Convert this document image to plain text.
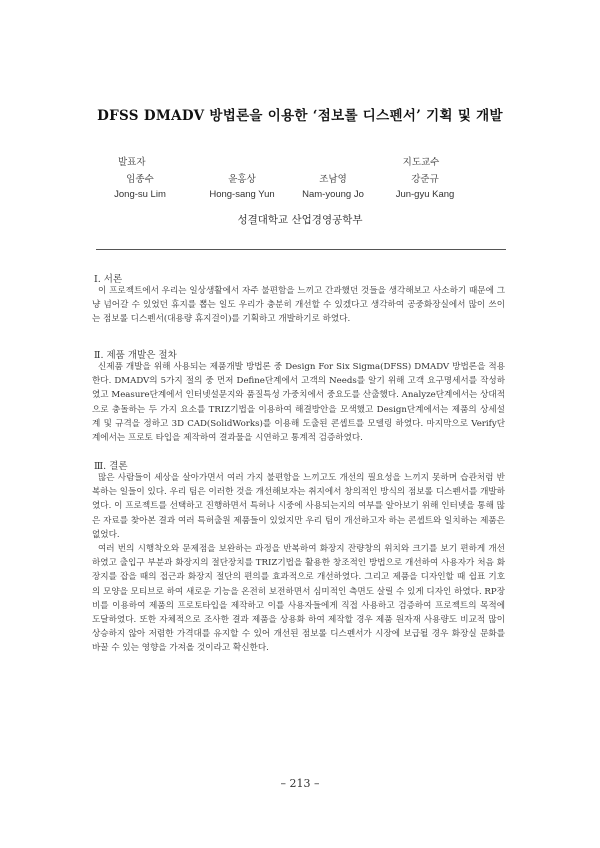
DFSS DMADV 방법론을 이용한 ‘점보롤 디스펜서’ 기획 및 개발
발표자	지도교수
임종수	윤홍상	조남영	강준규
Jong-su Lim	Hong-sang Yun	Nam-young Jo	Jun-gyu Kang
성결대학교 산업경영공학부
Ⅰ. 서론

이 프로젝트에서 우리는 일상생활에서 자주 불편함을 느끼고 간과했던 것들을 생각해보고 사소하기 때문에 그냥 넘어갈 수 있었던 휴지를 뽑는 일도 우리가 충분히 개선할 수 있겠다고 생각하여 공중화장실에서 많이 쓰이는 점보롤 디스펜서(대용량 휴지걸이)를 기획하고 개발하기로 하였다.

Ⅱ. 제품 개발은 절차

신제품 개발을 위해 사용되는 제품개발 방법론 중 Design For Six Sigma(DFSS) DMADV 방법론을 적용한다. DMADV의 5가지 절의 중 먼저 Define단계에서 고객의 Needs를 알기 위해 고객 요구명세서를 작성하였고 Measure단계에서 인터넷설문지와 품질특성 가중치에서 중요도를 산출했다. Analyze단계에서는 상대적으로 충돌하는 두 가지 요소를 TRIZ기법을 이용하여 해결방안을 모색했고 Design단계에서는 제품의 상세설계 및 규격을 정하고 3D CAD(SolidWorks)를 이용해 도출된 콘셉트를 모델링 하였다. 마지막으로 Verify단계에서는 프로토 타입을 제작하여 결과물을 시연하고 통계적 검증하였다.

Ⅲ. 결론

많은 사람들이 세상을 살아가면서 여러 가지 불편함을 느끼고도 개선의 필요성을 느끼지 못하며 습관처럼 반복하는 일들이 있다. 우리 팀은 이러한 것을 개선해보자는 취지에서 창의적인 방식의 점보롤 디스펜서를 개발하였다. 이 프로젝트를 선택하고 진행하면서 특허나 시중에 사용되는지의 여부를 알아보기 위해 인터넷을 통해 많은 자료를 찾아본 결과 여러 특허출원 제품들이 있었지만 우리 팀이 개선하고자 하는 콘셉트와 일치하는 제품은 없었다.

여러 번의 시행착오와 문제점을 보완하는 과정을 반복하여 화장지 잔량창의 위치와 크기를 보기 편하게 개선 하였고 출입구 부분과 화장지의 절단장치를 TRIZ기법을 활용한 창조적인 방법으로 개선하여 사용자가 처음 화장지를 잡을 때의 접근과 화장지 절단의 편의를 효과적으로 개선하였다. 그리고 제품을 디자인할 때 쉽표 기호의 모양을 모티브로 하여 새로운 기능을 온전히 보전하면서 심미적인 측면도 살릴 수 있게 디자인 하였다. RP장비를 이용하여 제품의 프로토타입을 제작하고 이를 사용자들에게 직접 사용하고 검증하여 프로젝트의 목적에 도달하였다. 또한 자체적으로 조사한 결과 제품을 상용화 하여 제작할 경우 제품 원자재 사용량도 비교적 많이 상승하지 않아 저렴한 가격대를 유지할 수 있어 개선된 점보롤 디스펜서가 시장에 보급될 경우 화장실 문화를 바꿀 수 있는 영향을 가져올 것이라고 확신한다.

– 213 –
